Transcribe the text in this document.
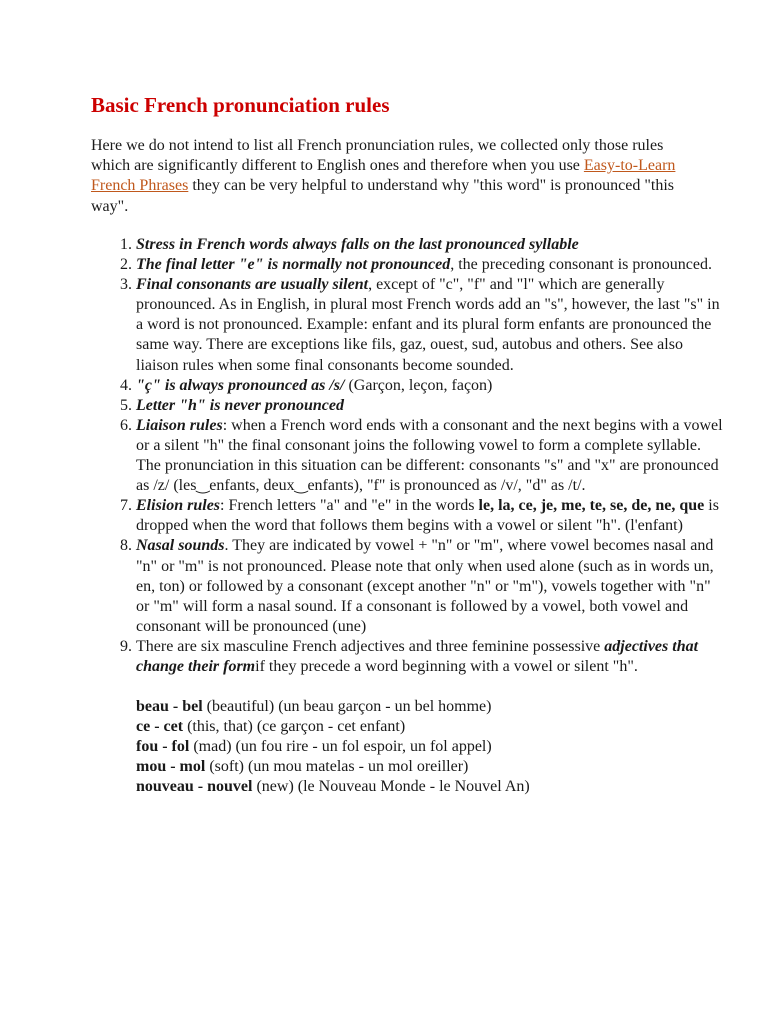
Basic French pronunciation rules

Here we do not intend to list all French pronunciation rules, we collected only those rules which are significantly different to English ones and therefore when you use Easy-to-Learn French Phrases they can be very helpful to understand why "this word" is pronounced "this way".

1. Stress in French words always falls on the last pronounced syllable
2. The final letter "e" is normally not pronounced, the preceding consonant is pronounced.
3. Final consonants are usually silent, except of "c", "f" and "l" which are generally pronounced. As in English, in plural most French words add an "s", however, the last "s" in a word is not pronounced. Example: enfant and its plural form enfants are pronounced the same way. There are exceptions like fils, gaz, ouest, sud, autobus and others. See also liaison rules when some final consonants become sounded.
4. "ç" is always pronounced as /s/ (Garçon, leçon, façon)
5. Letter "h" is never pronounced
6. Liaison rules: when a French word ends with a consonant and the next begins with a vowel or a silent "h" the final consonant joins the following vowel to form a complete syllable. The pronunciation in this situation can be different: consonants "s" and "x" are pronounced as /z/ (les‿enfants, deux‿enfants), "f" is pronounced as /v/, "d" as /t/.
7. Elision rules: French letters "a" and "e" in the words le, la, ce, je, me, te, se, de, ne, que is dropped when the word that follows them begins with a vowel or silent "h". (l'enfant)
8. Nasal sounds. They are indicated by vowel + "n" or "m", where vowel becomes nasal and "n" or "m" is not pronounced. Please note that only when used alone (such as in words un, en, ton) or followed by a consonant (except another "n" or "m"), vowels together with "n" or "m" will form a nasal sound. If a consonant is followed by a vowel, both vowel and consonant will be pronounced (une)
9. There are six masculine French adjectives and three feminine possessive adjectives that change their formif they precede a word beginning with a vowel or silent "h".
beau - bel (beautiful) (un beau garçon - un bel homme)
ce - cet (this, that) (ce garçon - cet enfant)
fou - fol (mad) (un fou rire - un fol espoir, un fol appel)
mou - mol (soft) (un mou matelas - un mol oreiller)
nouveau - nouvel (new) (le Nouveau Monde - le Nouvel An)
